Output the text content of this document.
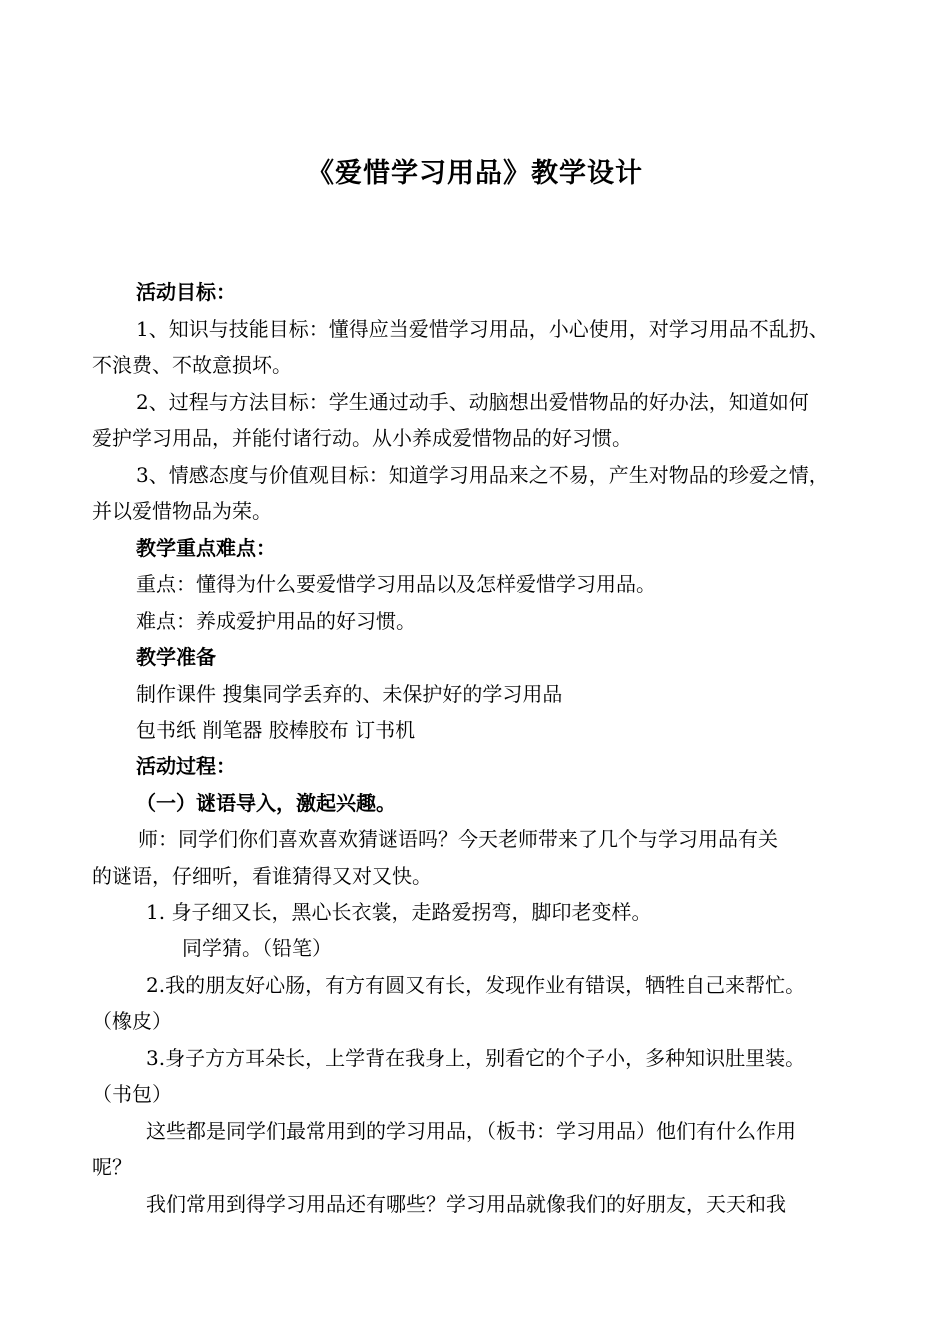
《爱惜学习用品》教学设计
活动目标：
1、知识与技能目标：懂得应当爱惜学习用品，小心使用，对学习用品不乱扔、
不浪费、不故意损坏。
2、过程与方法目标：学生通过动手、动脑想出爱惜物品的好办法，知道如何
爱护学习用品，并能付诸行动。从小养成爱惜物品的好习惯。
3、情感态度与价值观目标：知道学习用品来之不易，产生对物品的珍爱之情，
并以爱惜物品为荣。
教学重点难点：
重点：懂得为什么要爱惜学习用品以及怎样爱惜学习用品。
难点：养成爱护用品的好习惯。
教学准备
制作课件 搜集同学丢弃的、未保护好的学习用品
包书纸 削笔器 胶棒胶布 订书机
活动过程：
（一）谜语导入，激起兴趣。
师：同学们你们喜欢喜欢猜谜语吗？今天老师带来了几个与学习用品有关
的谜语，仔细听，看谁猜得又对又快。
1. 身子细又长，黑心长衣裳，走路爱拐弯，脚印老变样。
同学猜。（铅笔）
2.我的朋友好心肠，有方有圆又有长，发现作业有错误，牺牲自己来帮忙。
（橡皮）
3.身子方方耳朵长，上学背在我身上，别看它的个子小，多种知识肚里装。
（书包）
这些都是同学们最常用到的学习用品，（板书：学习用品）他们有什么作用
呢？
我们常用到得学习用品还有哪些？学习用品就像我们的好朋友，天天和我
